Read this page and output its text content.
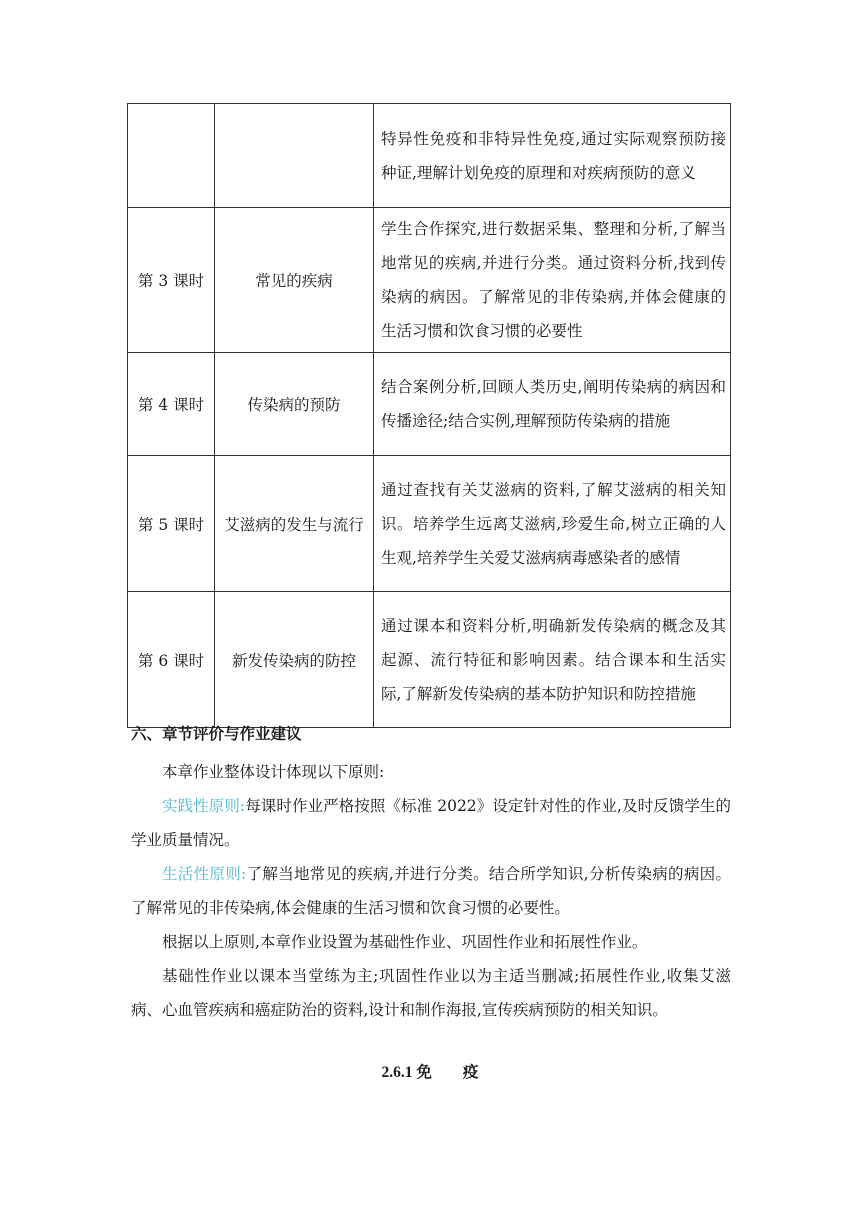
		特异性免疫和非特异性免疫,通过实际观察预防接种证,理解计划免疫的原理和对疾病预防的意义
第 3 课时	常见的疾病	学生合作探究,进行数据采集、整理和分析,了解当地常见的疾病,并进行分类。通过资料分析,找到传染病的病因。了解常见的非传染病,并体会健康的生活习惯和饮食习惯的必要性
第 4 课时	传染病的预防	结合案例分析,回顾人类历史,阐明传染病的病因和传播途径;结合实例,理解预防传染病的措施
第 5 课时	艾滋病的发生与流行	通过查找有关艾滋病的资料,了解艾滋病的相关知识。培养学生远离艾滋病,珍爱生命,树立正确的人生观,培养学生关爱艾滋病病毒感染者的感情
第 6 课时	新发传染病的防控	通过课本和资料分析,明确新发传染病的概念及其起源、流行特征和影响因素。结合课本和生活实际,了解新发传染病的基本防护知识和防控措施
六、章节评价与作业建议
本章作业整体设计体现以下原则:
实践性原则:每课时作业严格按照《标准 2022》设定针对性的作业,及时反馈学生的学业质量情况。
生活性原则:了解当地常见的疾病,并进行分类。结合所学知识,分析传染病的病因。了解常见的非传染病,体会健康的生活习惯和饮食习惯的必要性。
根据以上原则,本章作业设置为基础性作业、巩固性作业和拓展性作业。
基础性作业以课本当堂练为主;巩固性作业以为主适当删减;拓展性作业,收集艾滋病、心血管疾病和癌症防治的资料,设计和制作海报,宣传疾病预防的相关知识。
2.6.1 免　　疫
